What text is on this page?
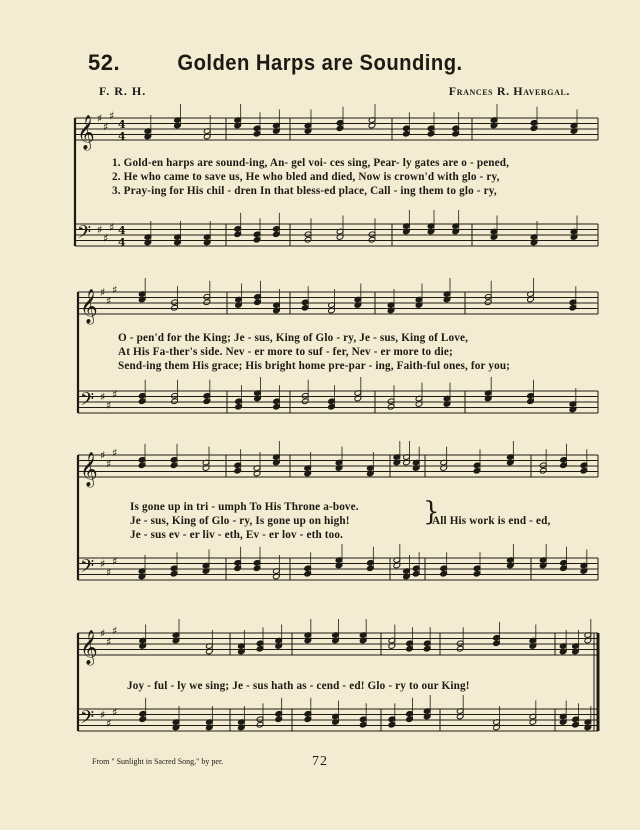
52.	Golden Harps are Sounding.
F. R. H.	Frances R. Havergal.
𝄞 ♯
♯
♯
4
4
𝄢 ♯
♯
♯ 4
4
𝄞 ♯
♯
♯
𝄢 ♯
♯
♯
𝄞 ♯
♯
♯
𝄢 ♯
♯
♯
𝄞 ♯
♯
♯
𝄢 ♯
♯
♯
}
1. Gold-en harps are sound-ing, An- gel voi- ces sing, Pear- ly gates are o - pened,
2. He who came to save us, He who bled and died, Now is crown'd with glo - ry,
3. Pray-ing for His chil - dren In that bless-ed place, Call - ing them to glo - ry,
O - pen'd for the King; Je - sus, King of Glo - ry, Je - sus, King of Love,
At His Fa-ther's side. Nev - er more to suf - fer, Nev - er more to die;
Send-ing them His grace; His bright home pre-par - ing, Faith-ful ones, for you;
Is gone up in tri - umph To His Throne a-bove.
Je - sus, King of Glo - ry, Is gone up on high!
Je - sus ev - er liv - eth, Ev - er lov - eth too.
All His work is end - ed,
Joy - ful - ly we sing; Je - sus hath as - cend - ed! Glo - ry to our King!
From " Sunlight in Sacred Song," by per.	72
